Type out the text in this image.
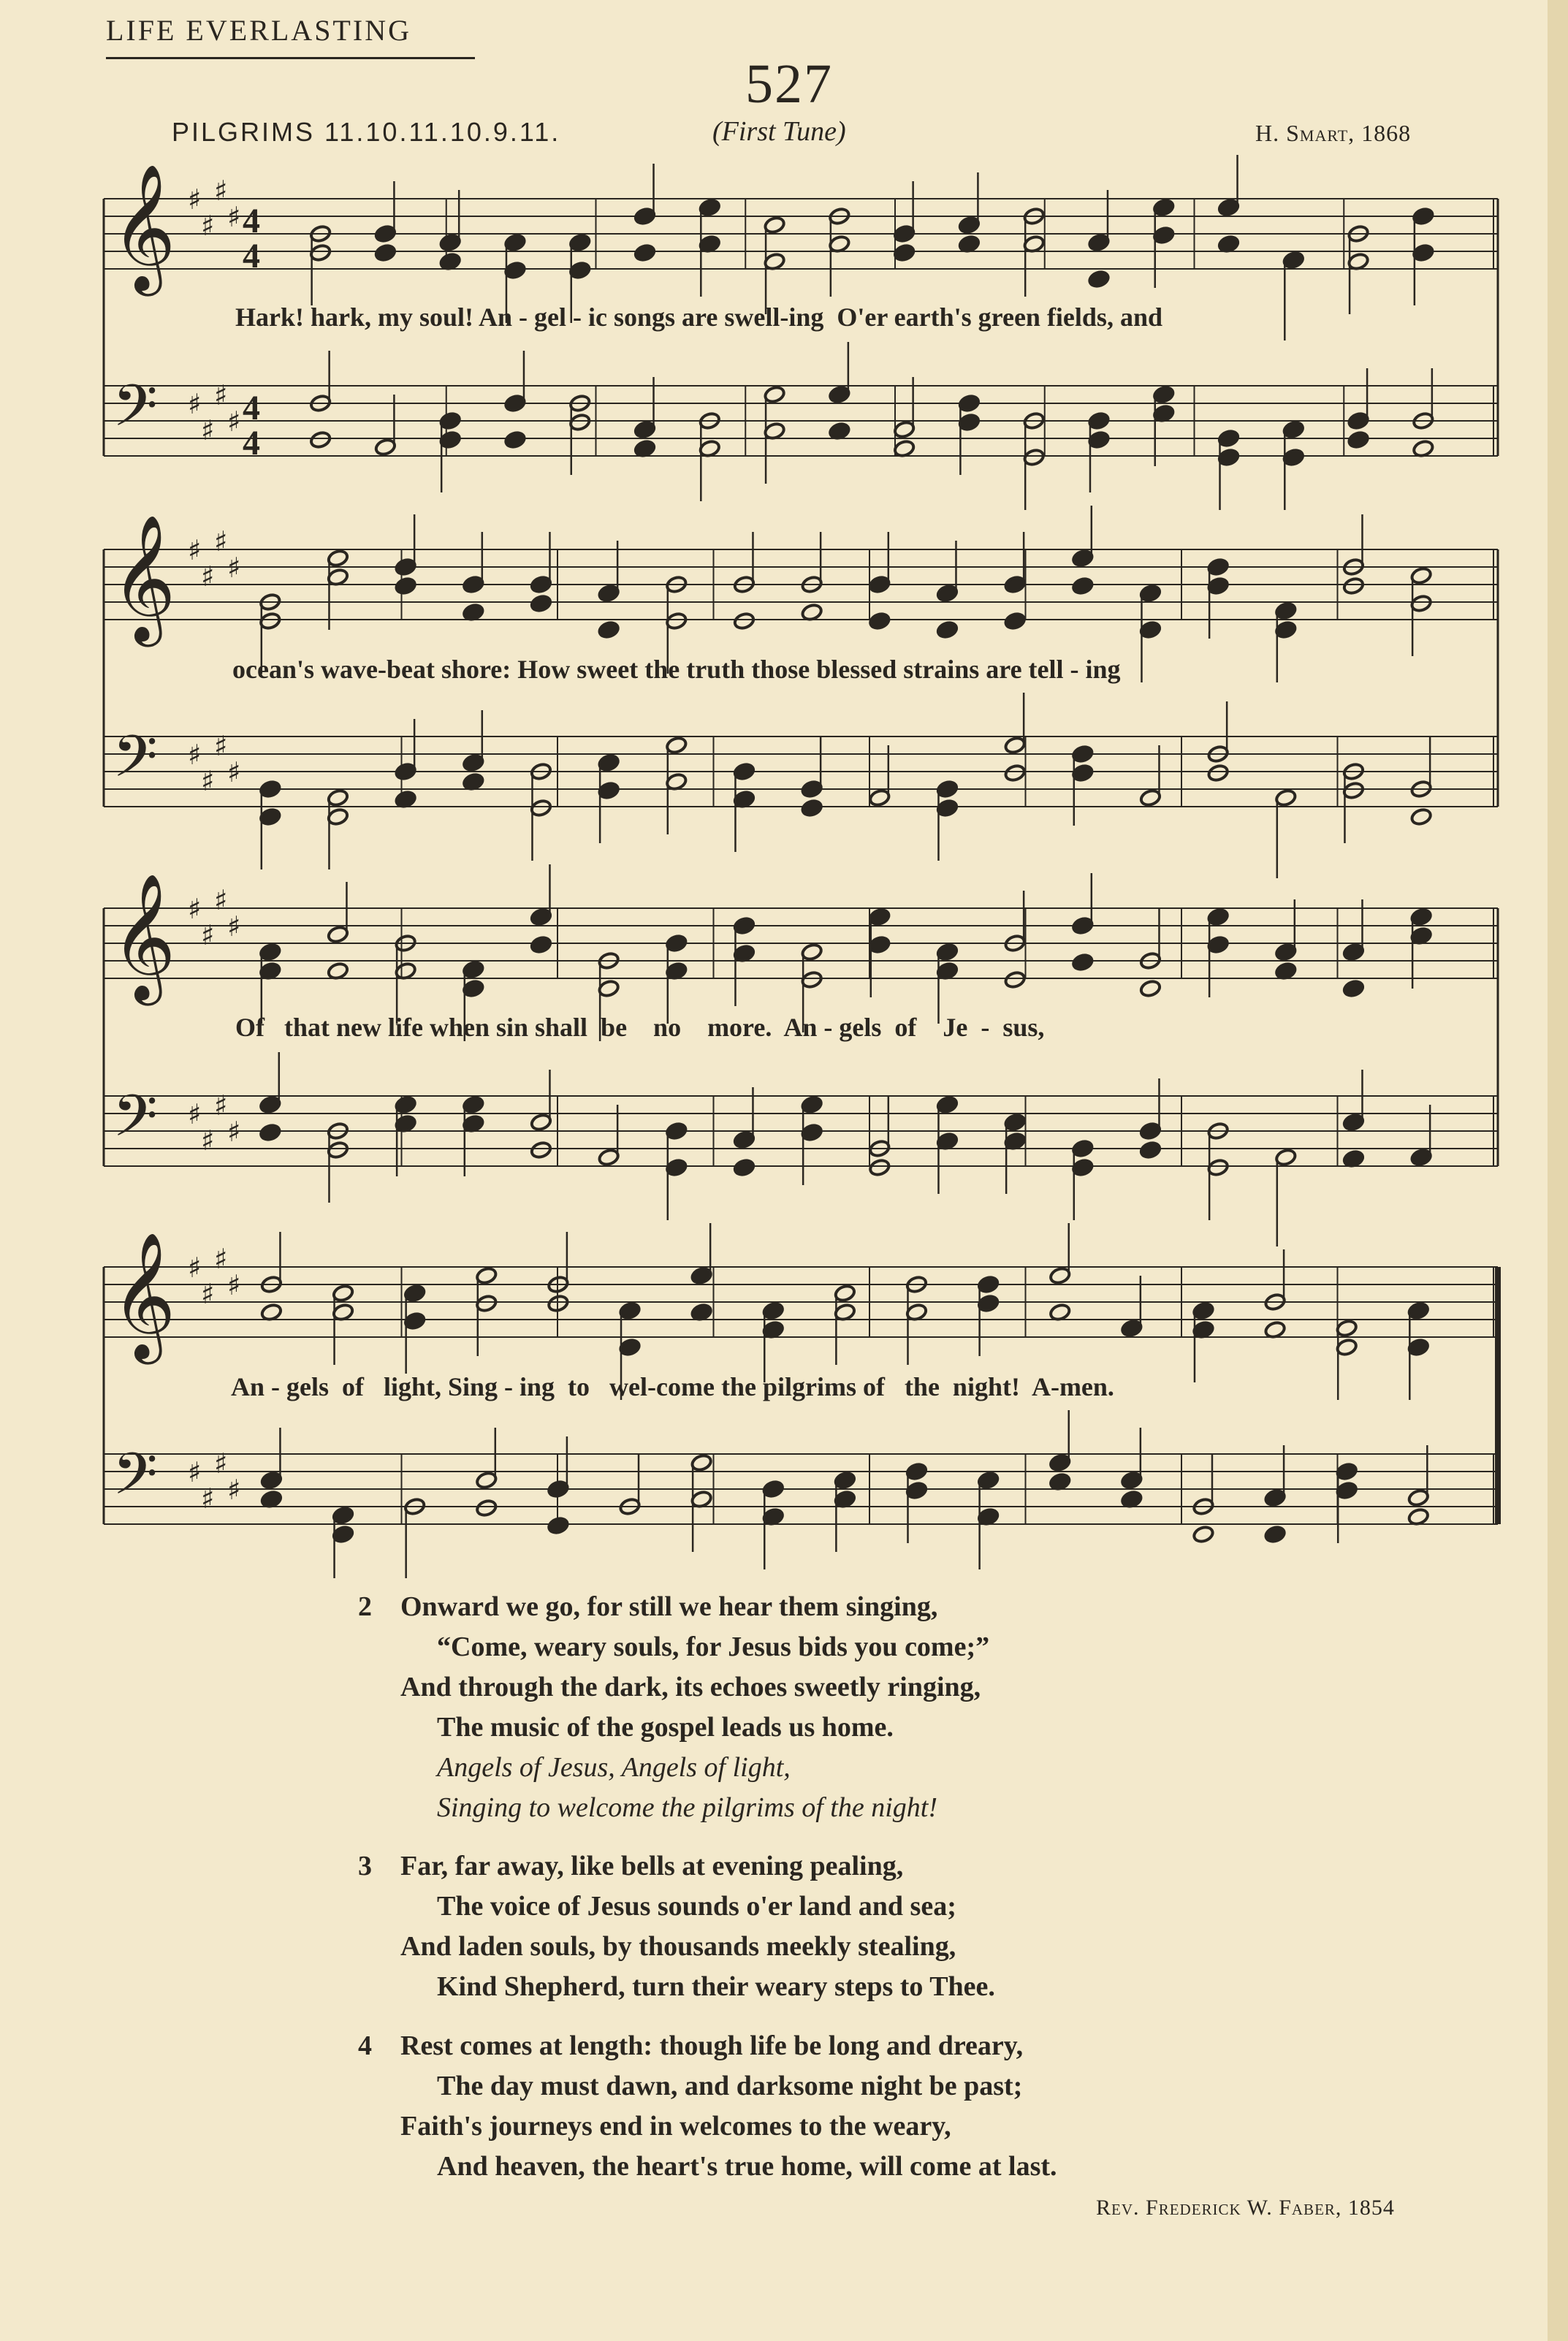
LIFE EVERLASTING
527
PILGRIMS 11.10.11.10.9.11.	(First Tune)	H. Smart, 1868
𝄞 ♯
♯
♯
♯ 4
4
𝄢 ♯
♯
♯
♯ 4
4
𝄞 ♯
♯
♯
♯
𝄢 ♯
♯
♯
♯
𝄞 ♯
♯
♯
♯
𝄢 ♯
♯
♯
♯
𝄞 ♯
♯
♯
♯
𝄢 ♯
♯
♯
♯
Hark! hark, my soul! An - gel - ic songs are swell-ing  O'er earth's green fields, and
ocean's wave-beat shore: How sweet the truth those blessed strains are tell - ing
Of   that new life when sin shall  be    no    more.  An - gels  of    Je  -  sus,
An - gels  of   light, Sing - ing  to   wel-come the pilgrims of   the  night!  A-men.
2 Onward we go, for still we hear them singing,
“Come, weary souls, for Jesus bids you come;”
And through the dark, its echoes sweetly ringing,
The music of the gospel leads us home.
Angels of Jesus, Angels of light,
Singing to welcome the pilgrims of the night!
3 Far, far away, like bells at evening pealing,
The voice of Jesus sounds o'er land and sea;
And laden souls, by thousands meekly stealing,
Kind Shepherd, turn their weary steps to Thee.
4 Rest comes at length: though life be long and dreary,
The day must dawn, and darksome night be past;
Faith's journeys end in welcomes to the weary,
And heaven, the heart's true home, will come at last.
Rev. Frederick W. Faber, 1854
